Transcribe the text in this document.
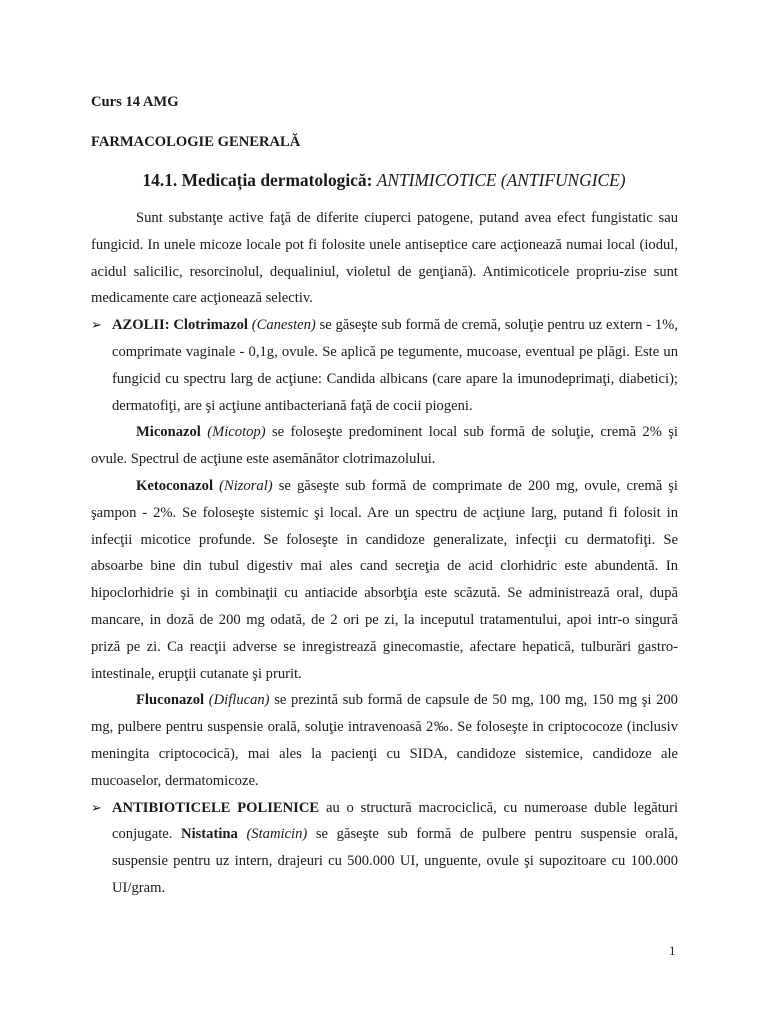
Curs 14 AMG
FARMACOLOGIE GENERALĂ
14.1. Medicația dermatologică: ANTIMICOTICE (ANTIFUNGICE)

Sunt substanţe active faţă de diferite ciuperci patogene, putand avea efect fungistatic sau fungicid. In unele micoze locale pot fi folosite unele antiseptice care acţionează numai local (iodul, acidul salicilic, resorcinolul, dequaliniul, violetul de genţiană). Antimicoticele propriu-zise sunt medicamente care acţionează selectiv.

➢ AZOLII: Clotrimazol (Canesten) se găseşte sub formă de cremă, soluţie pentru uz extern - 1%, comprimate vaginale - 0,1g, ovule. Se aplică pe tegumente, mucoase, eventual pe plăgi. Este un fungicid cu spectru larg de acţiune: Candida albicans (care apare la imunodeprimaţi, diabetici); dermatofiţi, are şi acţiune antibacteriană faţă de cocii piogeni.

Miconazol (Micotop) se foloseşte predominent local sub formă de soluţie, cremă 2% şi ovule. Spectrul de acţiune este asemănător clotrimazolului.

Ketoconazol (Nizoral) se găseşte sub formă de comprimate de 200 mg, ovule, cremă şi şampon - 2%. Se foloseşte sistemic şi local. Are un spectru de acţiune larg, putand fi folosit in infecţii micotice profunde. Se foloseşte in candidoze generalizate, infecţii cu dermatofiţi. Se absoarbe bine din tubul digestiv mai ales cand secreţia de acid clorhidric este abundentă. In hipoclorhidrie şi in combinaţii cu antiacide absorbţia este scăzută. Se administrează oral, după mancare, in doză de 200 mg odată, de 2 ori pe zi, la inceputul tratamentului, apoi intr-o singură priză pe zi. Ca reacţii adverse se inregistrează ginecomastie, afectare hepatică, tulburări gastro-intestinale, erupţii cutanate şi prurit.

Fluconazol (Diflucan) se prezintă sub formă de capsule de 50 mg, 100 mg, 150 mg şi 200 mg, pulbere pentru suspensie orală, soluţie intravenoasă 2‰. Se foloseşte in criptococoze (inclusiv meningita criptococică), mai ales la pacienţi cu SIDA, candidoze sistemice, candidoze ale mucoaselor, dermatomicoze.

➢ ANTIBIOTICELE POLIENICE au o structură macrociclică, cu numeroase duble legături conjugate. Nistatina (Stamicin) se găseşte sub formă de pulbere pentru suspensie orală, suspensie pentru uz intern, drajeuri cu 500.000 UI, unguente, ovule şi supozitoare cu 100.000 UI/gram.
1
